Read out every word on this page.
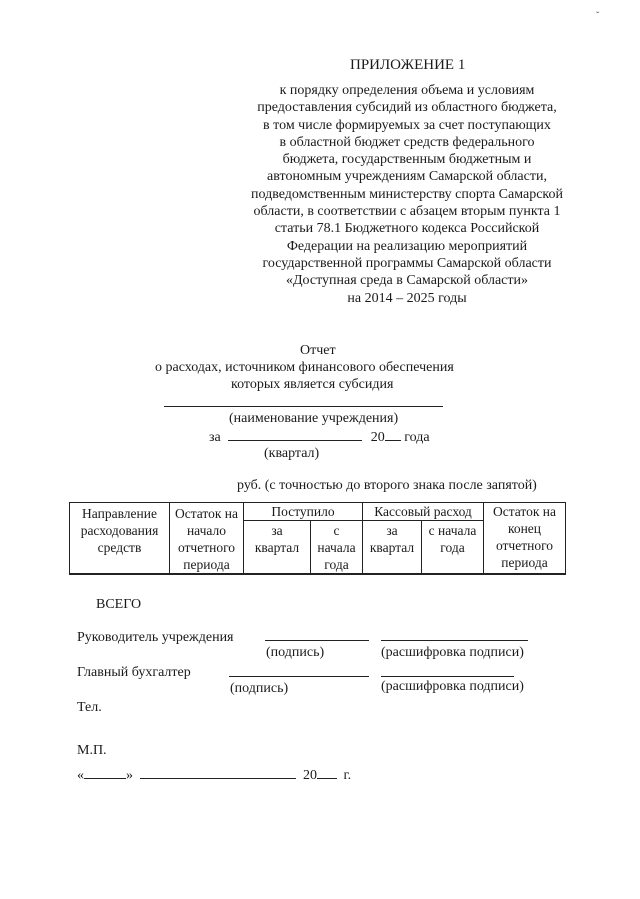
ˇ
ПРИЛОЖЕНИЕ 1
к порядку определения объема и условиям
предоставления субсидий из областного бюджета,
в том числе формируемых за счет поступающих
в областной бюджет средств федерального
бюджета, государственным бюджетным и
автономным учреждениям Самарской области,
подведомственным министерству спорта Самарской
области, в соответствии с абзацем вторым пункта 1
статьи 78.1 Бюджетного кодекса Российской
Федерации на реализацию мероприятий
государственной программы Самарской области
«Доступная среда в Самарской области»
на 2014 – 2025 годы
Отчет
о расходах, источником финансового обеспечения
которых является субсидия
(наименование учреждения)
за	20 года
(квартал)
руб. (с точностью до второго знака после запятой)
Направление расходования средств	Остаток на начало отчетного периода	Поступило		Кассовый расход		Остаток на конец отчетного периода
		за квартал	с начала года	за квартал	с начала года	
ВСЕГО
Руководитель учреждения
(подпись)	(расшифровка подписи)
Главный бухгалтер
(подпись)	(расшифровка подписи)
Тел.
М.П.
«	»	20 г.
